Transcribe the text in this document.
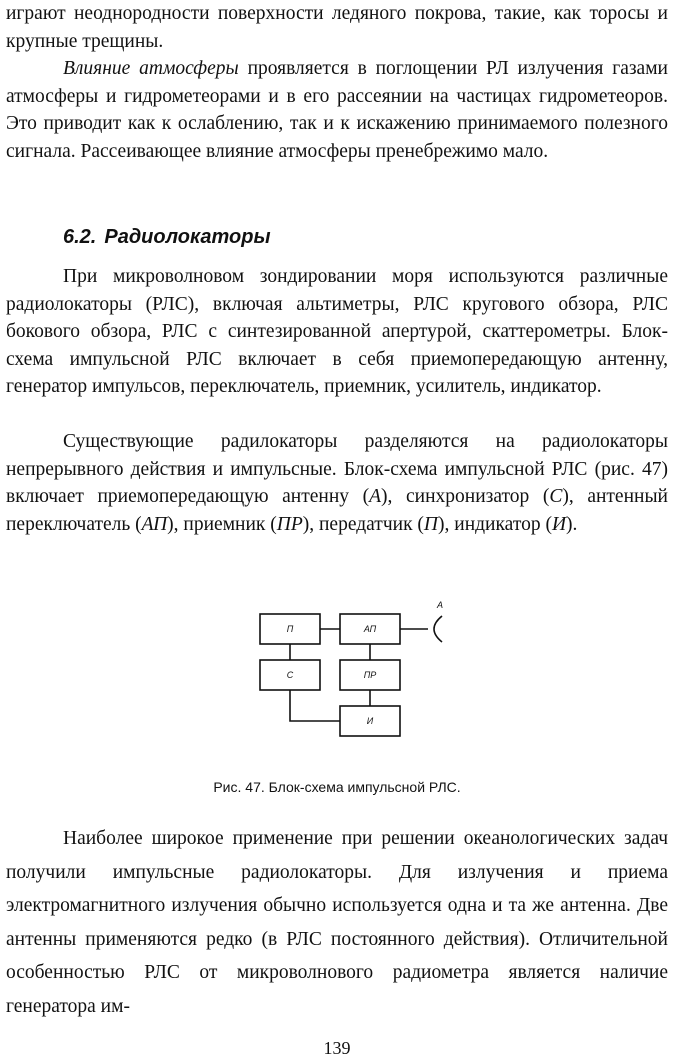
играют неоднородности поверхности ледяного покрова, такие, как торосы и крупные трещины.

Влияние атмосферы проявляется в поглощении РЛ излучения газами атмосферы и гидрометеорами и в его рассеянии на частицах гидрометеоров. Это приводит как к ослаблению, так и к искажению принимаемого полезного сигнала. Рассеивающее влияние атмосферы пренебрежимо мало.

6.2. Радиолокаторы

При микроволновом зондировании моря используются различные радиолокаторы (РЛС), включая альтиметры, РЛС кругового обзора, РЛС бокового обзора, РЛС с синтезированной апертурой, скаттерометры. Блок-схема импульсной РЛС включает в себя приемопередающую антенну, генератор импульсов, переключатель, приемник, усилитель, индикатор.

Существующие радилокаторы разделяются на радиолокаторы непрерывного действия и импульсные. Блок-схема импульсной РЛС (рис. 47) включает приемопередающую антенну (А), синхронизатор (С), антенный переключатель (АП), приемник (ПР), передатчик (П), индикатор (И).

П	АП
С	ПР
И
А

Рис. 47. Блок-схема импульсной РЛС.

Наиболее широкое применение при решении океанологических задач получили импульсные радиолокаторы. Для излучения и приема электромагнитного излучения обычно используется одна и та же антенна. Две антенны применяются редко (в РЛС постоянного действия). Отличительной особенностью РЛС от микроволнового радиометра является наличие генератора им-

139
